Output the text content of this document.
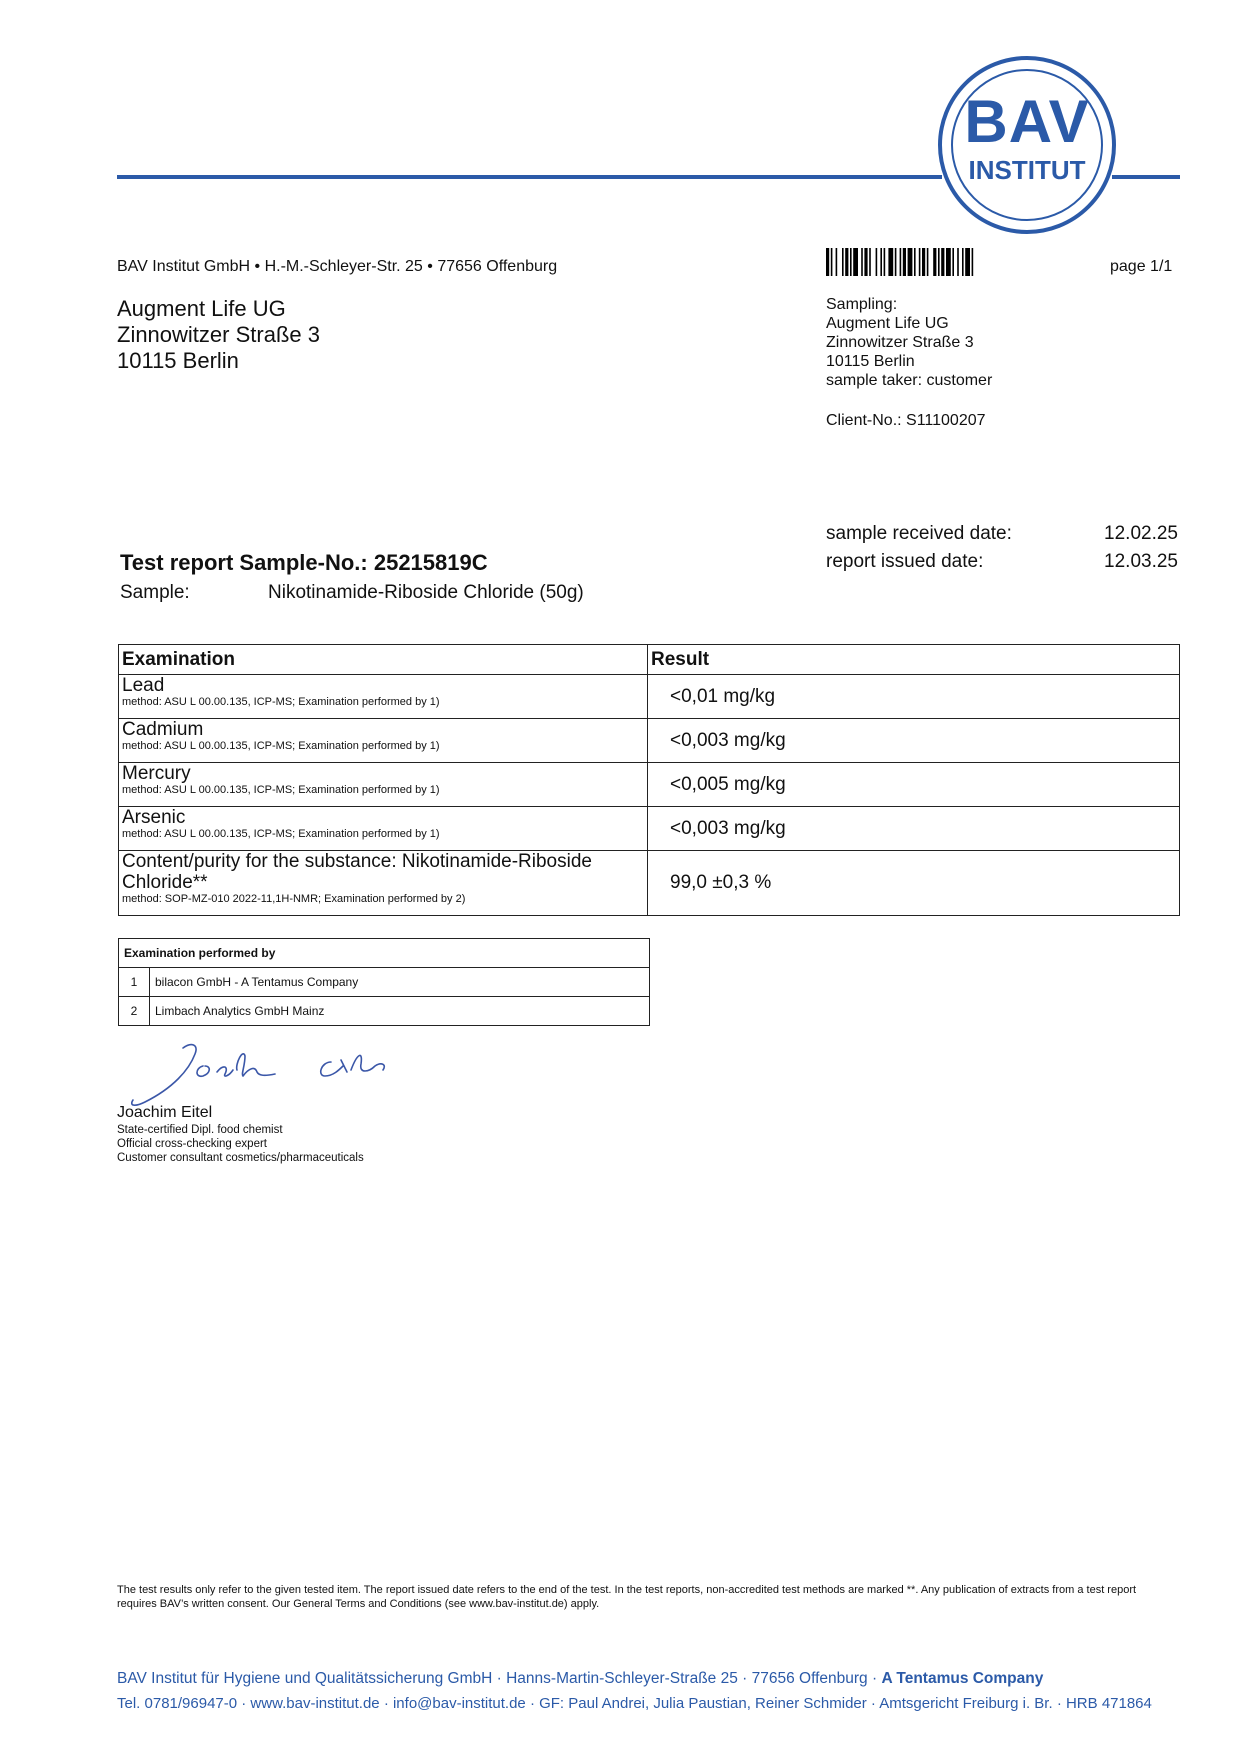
BAV
INSTITUT
BAV Institut GmbH • H.-M.-Schleyer-Str. 25 • 77656 Offenburg
Augment Life UG
Zinnowitzer Straße 3
10115 Berlin
page 1/1
Sampling:
Augment Life UG
Zinnowitzer Straße 3
10115 Berlin
sample taker: customer
Client-No.: S11100207
sample received date:	12.02.25
report issued date:	12.03.25
Test report Sample-No.: 25215819C
Sample:	Nikotinamide-Riboside Chloride (50g)
Examination	Result

Lead
method: ASU L 00.00.135, ICP-MS; Examination performed by 1)	<0,01 mg/kg

Cadmium
method: ASU L 00.00.135, ICP-MS; Examination performed by 1)	<0,003 mg/kg

Mercury
method: ASU L 00.00.135, ICP-MS; Examination performed by 1)	<0,005 mg/kg

Arsenic
method: ASU L 00.00.135, ICP-MS; Examination performed by 1)	<0,003 mg/kg

Content/purity for the substance: Nikotinamide-Riboside Chloride**
method: SOP-MZ-010 2022-11,1H-NMR; Examination performed by 2)	99,0 ±0,3 %
Examination performed by	
1	bilacon GmbH - A Tentamus Company
2	Limbach Analytics GmbH Mainz
Joachim Eitel
State-certified Dipl. food chemist
Official cross-checking expert
Customer consultant cosmetics/pharmaceuticals
The test results only refer to the given tested item. The report issued date refers to the end of the test. In the test reports, non-accredited test methods are marked **. Any publication of extracts from a test report requires BAV’s written consent. Our General Terms and Conditions (see www.bav-institut.de) apply.
BAV Institut für Hygiene und Qualitätssicherung GmbH · Hanns-Martin-Schleyer-Straße 25 · 77656 Offenburg · A Tentamus Company
Tel. 0781/96947-0 · www.bav-institut.de · info@bav-institut.de · GF: Paul Andrei, Julia Paustian, Reiner Schmider · Amtsgericht Freiburg i. Br. · HRB 471864
